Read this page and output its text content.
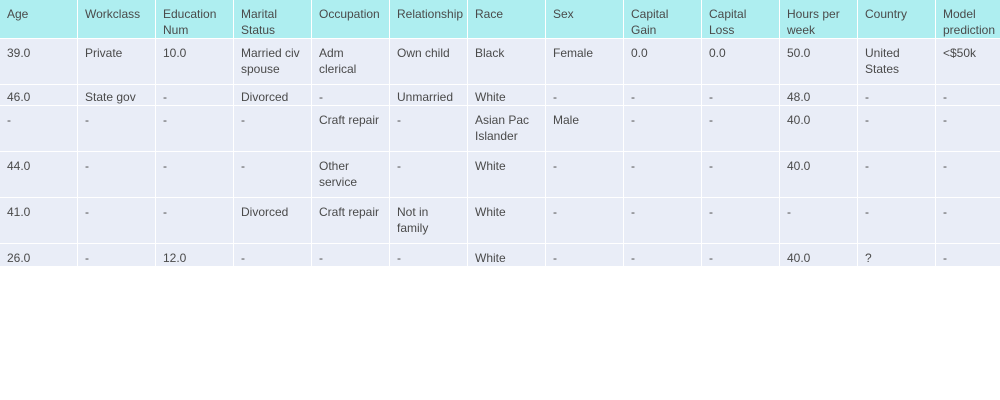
Age	Workclass	Education Num	Marital Status	Occupation	Relationship	Race	Sex	Capital Gain	Capital Loss	Hours per week	Country	Model prediction
39.0	Private	10.0	Married civ spouse	Adm clerical	Own child	Black	Female	0.0	0.0	50.0	United States	<$50k
46.0	State gov	-	Divorced	-	Unmarried	White	-	-	-	48.0	-	-
-	-	-	-	Craft repair	-	Asian Pac Islander	Male	-	-	40.0	-	-
44.0	-	-	-	Other service	-	White	-	-	-	40.0	-	-
41.0	-	-	Divorced	Craft repair	Not in family	White	-	-	-	-	-	-
26.0	-	12.0	-	-	-	White	-	-	-	40.0	?	-
